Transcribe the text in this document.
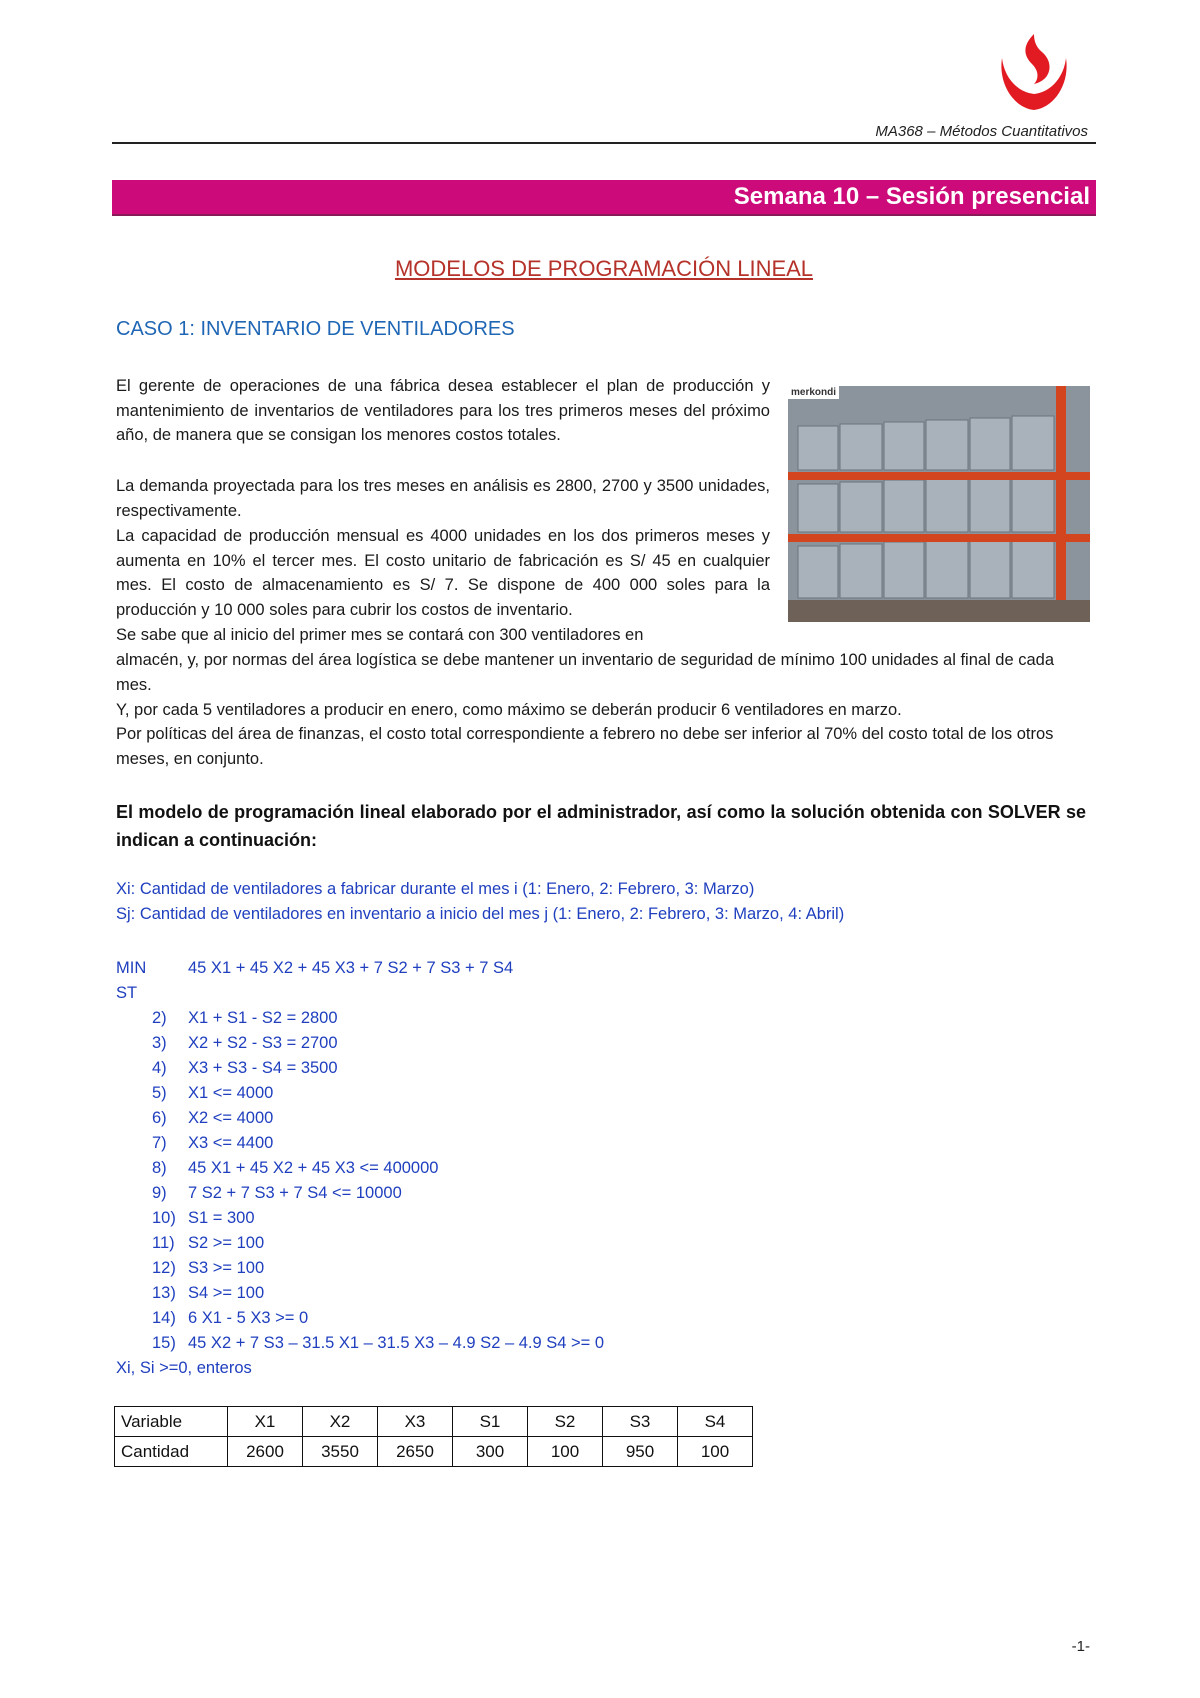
MA368 – Métodos Cuantitativos
Semana 10 – Sesión presencial
MODELOS DE PROGRAMACIÓN LINEAL
CASO 1: INVENTARIO DE VENTILADORES
merkondi

El gerente de operaciones de una fábrica desea establecer el plan de producción y mantenimiento de inventarios de ventiladores para los tres primeros meses del próximo año, de manera que se consigan los menores costos totales.

La demanda proyectada para los tres meses en análisis es 2800, 2700 y 3500 unidades, respectivamente.

La capacidad de producción mensual es 4000 unidades en los dos primeros meses y aumenta en 10% el tercer mes. El costo unitario de fabricación es S/ 45 en cualquier mes. El costo de almacenamiento es S/ 7. Se dispone de 400 000 soles para la producción y 10 000 soles para cubrir los costos de inventario.

Se sabe que al inicio del primer mes se contará con 300 ventiladores en

almacén, y, por normas del área logística se debe mantener un inventario de seguridad de mínimo 100 unidades al final de cada mes.

Y, por cada 5 ventiladores a producir en enero, como máximo se deberán producir 6 ventiladores en marzo.

Por políticas del área de finanzas, el costo total correspondiente a febrero no debe ser inferior al 70% del costo total de los otros meses, en conjunto.

El modelo de programación lineal elaborado por el administrador, así como la solución obtenida con SOLVER se indican a continuación:

Xi: Cantidad de ventiladores a fabricar durante el mes i (1: Enero, 2: Febrero, 3: Marzo)

Sj: Cantidad de ventiladores en inventario a inicio del mes j (1: Enero, 2: Febrero, 3: Marzo, 4: Abril)

MIN	45 X1 + 45 X2 + 45 X3 + 7 S2 + 7 S3 + 7 S4
ST
2)	X1 + S1 - S2 = 2800
3)	X2 + S2 - S3 = 2700
4)	X3 + S3 - S4 = 3500
5)	X1 <= 4000
6)	X2 <= 4000
7)	X3 <= 4400
8)	45 X1 + 45 X2 + 45 X3 <= 400000
9)	7 S2 + 7 S3 + 7 S4 <= 10000
10) S1 = 300
11) S2 >= 100
12) S3 >= 100
13) S4 >= 100
14) 6 X1 - 5 X3 >= 0
15) 45 X2 + 7 S3 – 31.5 X1 – 31.5 X3 – 4.9 S2 – 4.9 S4 >= 0
Xi, Si >=0, enteros
Variable	X1	X2	X3	S1	S2	S3	S4
Cantidad	2600	3550	2650	300	100	950	100
-1-
